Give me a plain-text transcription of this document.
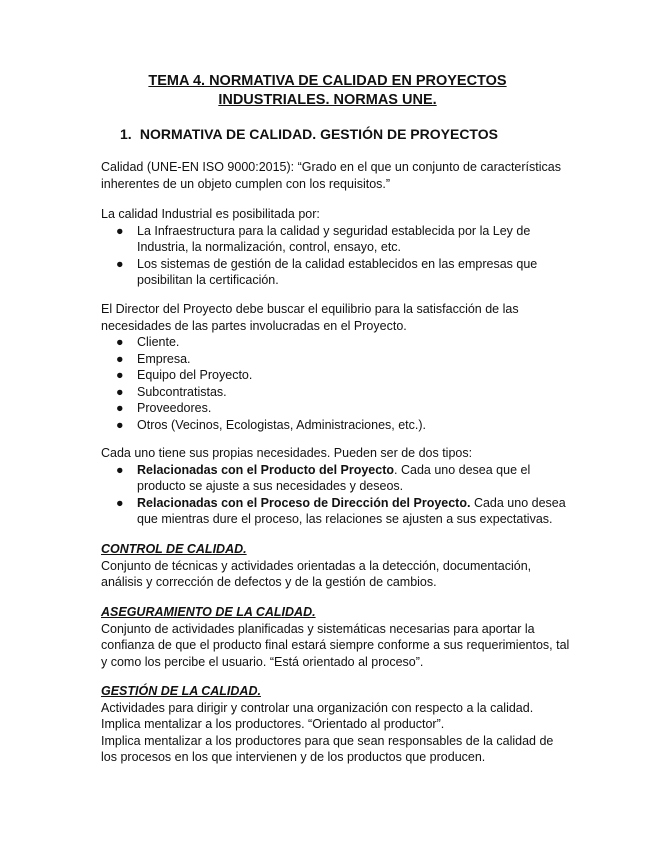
TEMA 4. NORMATIVA DE CALIDAD EN PROYECTOS
INDUSTRIALES. NORMAS UNE.
1. NORMATIVA DE CALIDAD. GESTIÓN DE PROYECTOS

Calidad (UNE-EN ISO 9000:2015): “Grado en el que un conjunto de características

inherentes de un objeto cumplen con los requisitos.”

La calidad Industrial es posibilitada por:

● La Infraestructura para la calidad y seguridad establecida por la Ley de
Industria, la normalización, control, ensayo, etc.
● Los sistemas de gestión de la calidad establecidos en las empresas que
posibilitan la certificación.

El Director del Proyecto debe buscar el equilibrio para la satisfacción de las

necesidades de las partes involucradas en el Proyecto.

● Cliente.
● Empresa.
● Equipo del Proyecto.
● Subcontratistas.
● Proveedores.
● Otros (Vecinos, Ecologistas, Administraciones, etc.).

Cada uno tiene sus propias necesidades. Pueden ser de dos tipos:

● Relacionadas con el Producto del Proyecto. Cada uno desea que el
producto se ajuste a sus necesidades y deseos.
● Relacionadas con el Proceso de Dirección del Proyecto. Cada uno desea
que mientras dure el proceso, las relaciones se ajusten a sus expectativas.

CONTROL DE CALIDAD.

Conjunto de técnicas y actividades orientadas a la detección, documentación,

análisis y corrección de defectos y de la gestión de cambios.

ASEGURAMIENTO DE LA CALIDAD.

Conjunto de actividades planificadas y sistemáticas necesarias para aportar la

confianza de que el producto final estará siempre conforme a sus requerimientos, tal

y como los percibe el usuario. “Está orientado al proceso”.

GESTIÓN DE LA CALIDAD.

Actividades para dirigir y controlar una organización con respecto a la calidad.

Implica mentalizar a los productores. “Orientado al productor”.

Implica mentalizar a los productores para que sean responsables de la calidad de

los procesos en los que intervienen y de los productos que producen.
